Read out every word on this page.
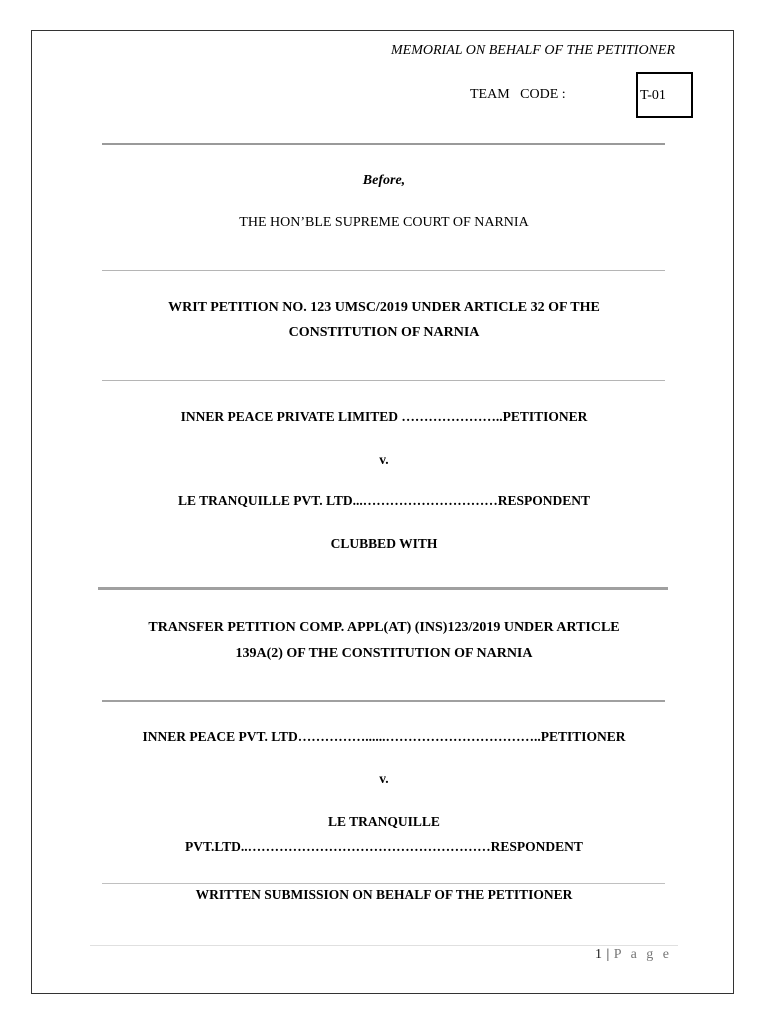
MEMORIAL ON BEHALF OF THE PETITIONER
TEAM   CODE :	T-01
Before,
THE HON’BLE SUPREME COURT OF NARNIA
WRIT PETITION NO. 123 UMSC/2019 UNDER ARTICLE 32 OF THE
CONSTITUTION OF NARNIA
INNER PEACE PRIVATE LIMITED …………………..PETITIONER
v.
LE TRANQUILLE PVT. LTD...…………………………RESPONDENT
CLUBBED WITH
TRANSFER PETITION COMP. APPL(AT) (INS)123/2019 UNDER ARTICLE
139A(2) OF THE CONSTITUTION OF NARNIA
INNER PEACE PVT. LTD……………......……………………………..PETITIONER
v.
LE TRANQUILLE
PVT.LTD..………………………………………………RESPONDENT
WRITTEN SUBMISSION ON BEHALF OF THE PETITIONER
1 | P a g e
